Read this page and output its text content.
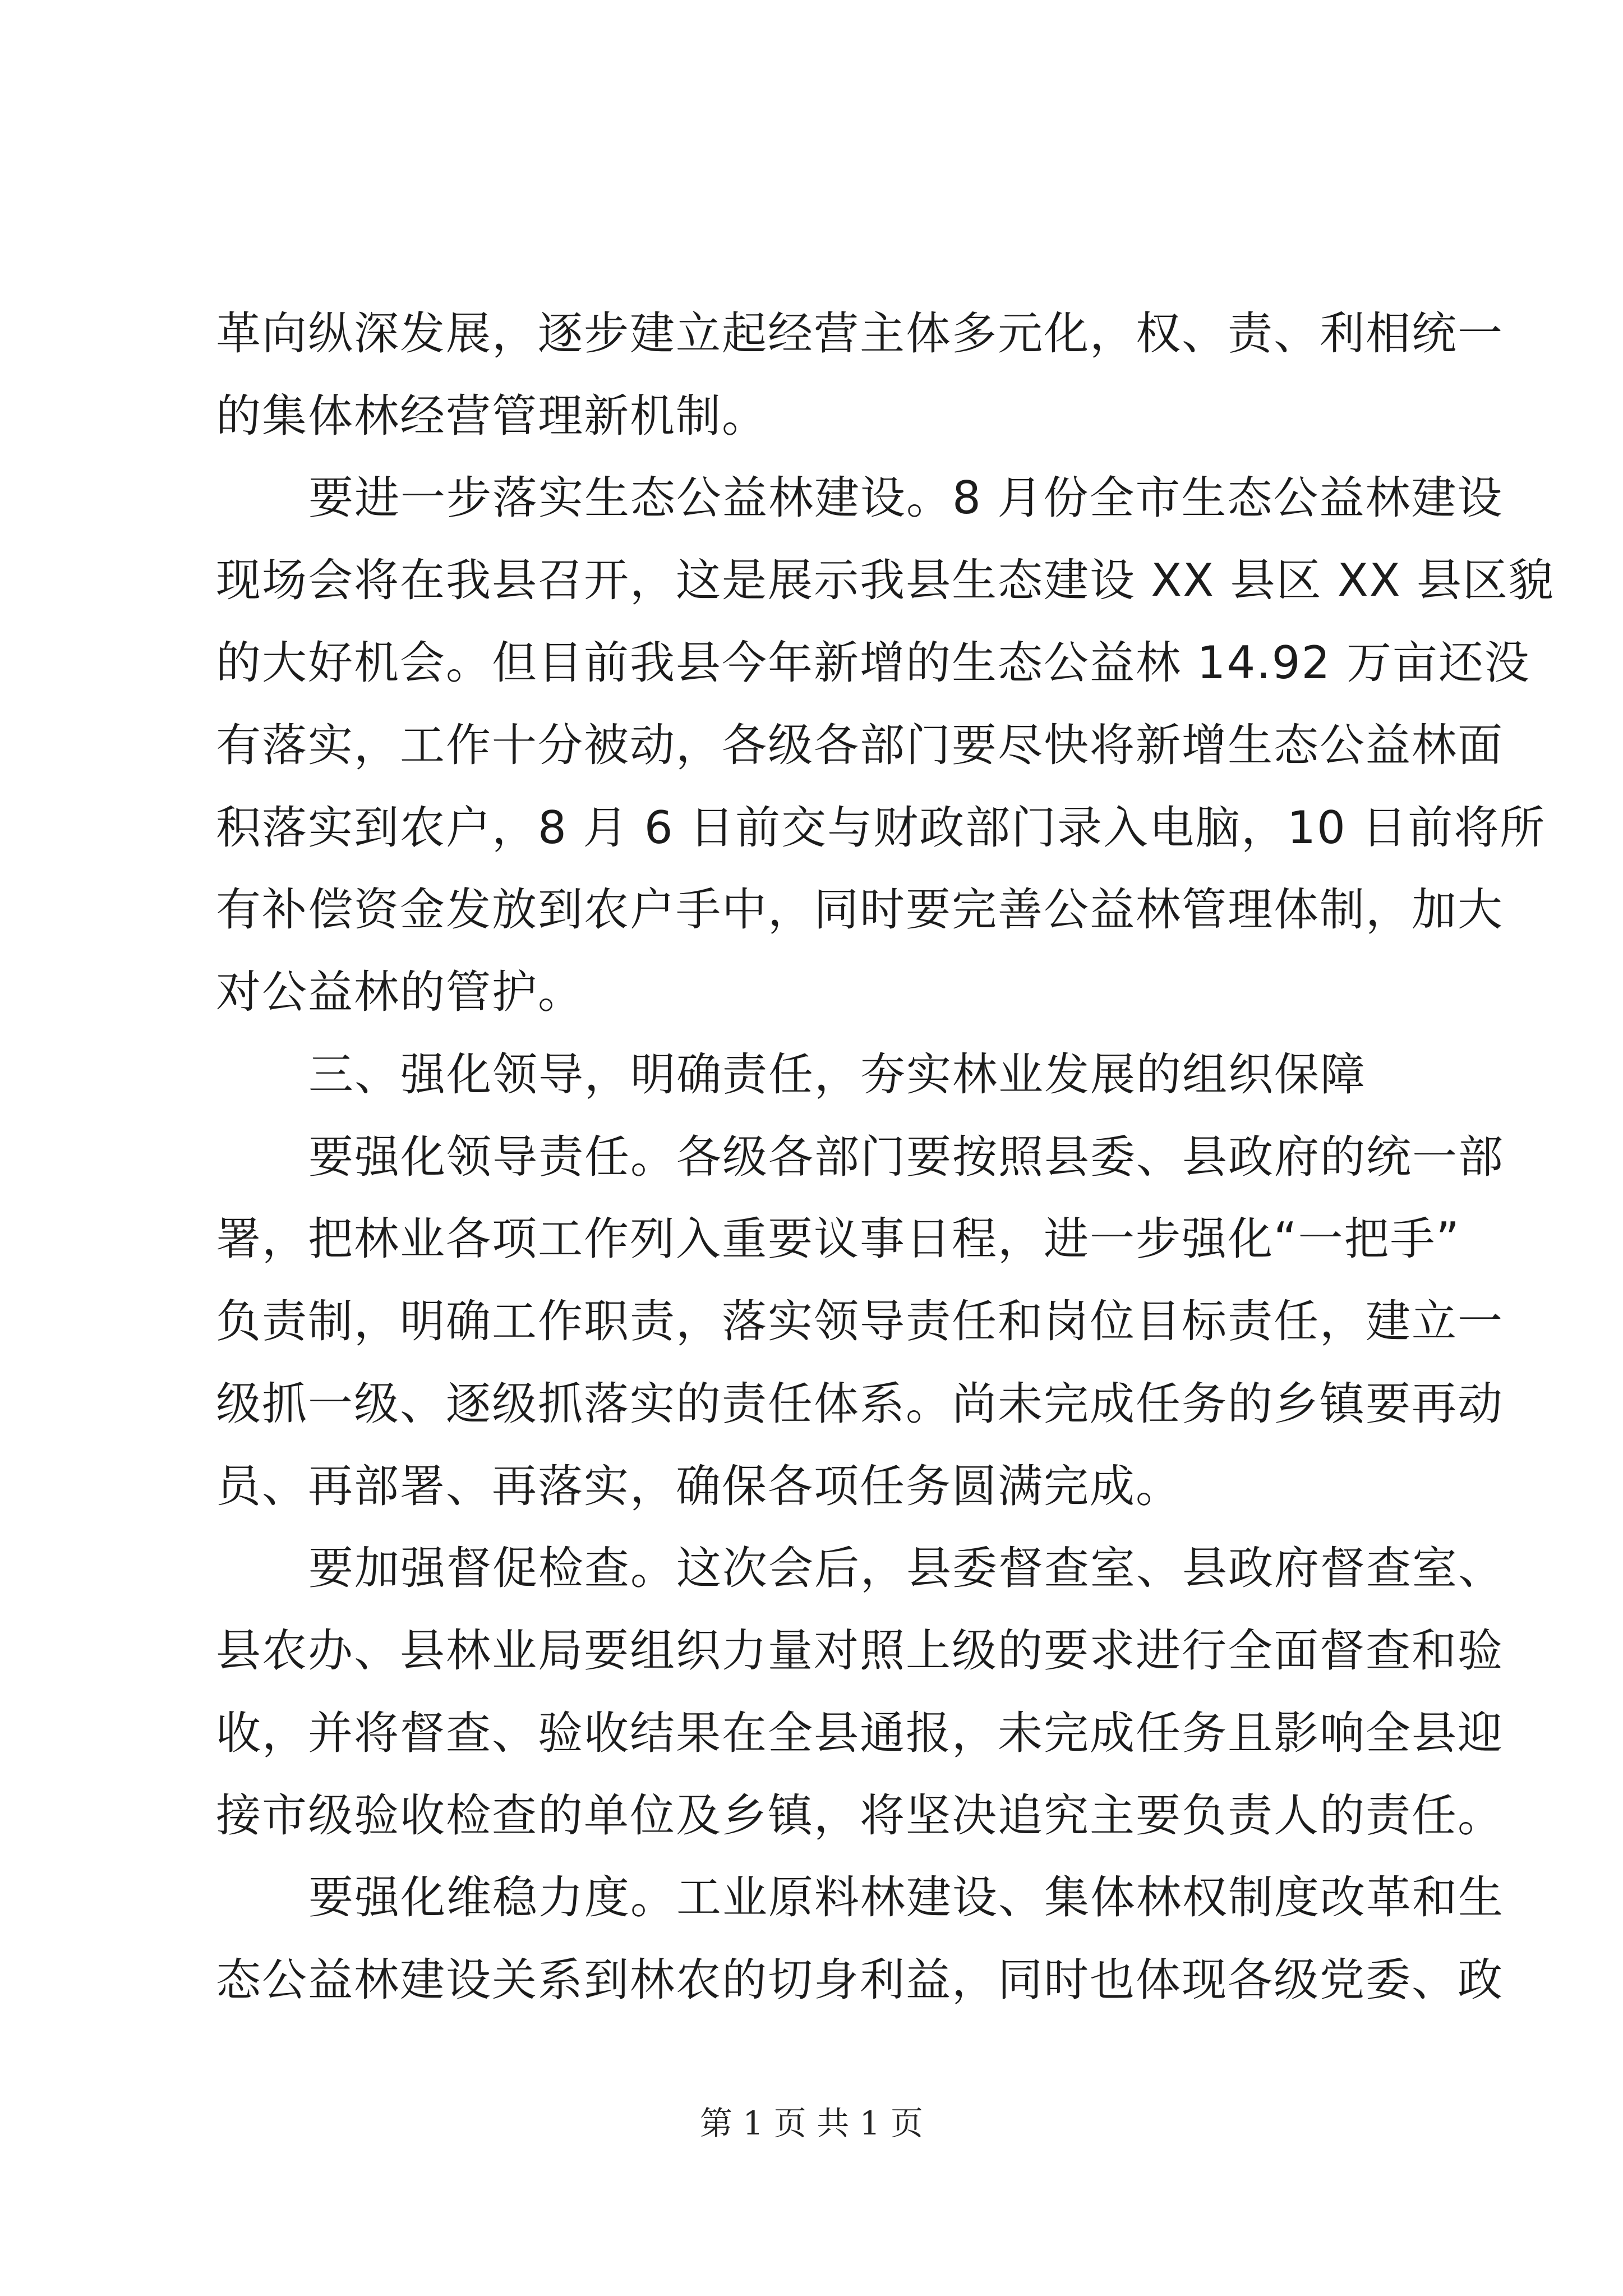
革向纵深发展，逐步建立起经营主体多元化，权、责、利相统一
的集体林经营管理新机制。
要进一步落实生态公益林建设。8 月份全市生态公益林建设
现场会将在我县召开，这是展示我县生态建设 XX 县区 XX 县区貌
的大好机会。但目前我县今年新增的生态公益林 14.92 万亩还没
有落实，工作十分被动，各级各部门要尽快将新增生态公益林面
积落实到农户，8 月 6 日前交与财政部门录入电脑，10 日前将所
有补偿资金发放到农户手中，同时要完善公益林管理体制，加大
对公益林的管护。
三、强化领导，明确责任，夯实林业发展的组织保障
要强化领导责任。各级各部门要按照县委、县政府的统一部
署，把林业各项工作列入重要议事日程，进一步强化“一把手”
负责制，明确工作职责，落实领导责任和岗位目标责任，建立一
级抓一级、逐级抓落实的责任体系。尚未完成任务的乡镇要再动
员、再部署、再落实，确保各项任务圆满完成。
要加强督促检查。这次会后，县委督查室、县政府督查室、
县农办、县林业局要组织力量对照上级的要求进行全面督查和验
收，并将督查、验收结果在全县通报，未完成任务且影响全县迎
接市级验收检查的单位及乡镇，将坚决追究主要负责人的责任。
要强化维稳力度。工业原料林建设、集体林权制度改革和生
态公益林建设关系到林农的切身利益，同时也体现各级党委、政
第 1 页 共 1 页
